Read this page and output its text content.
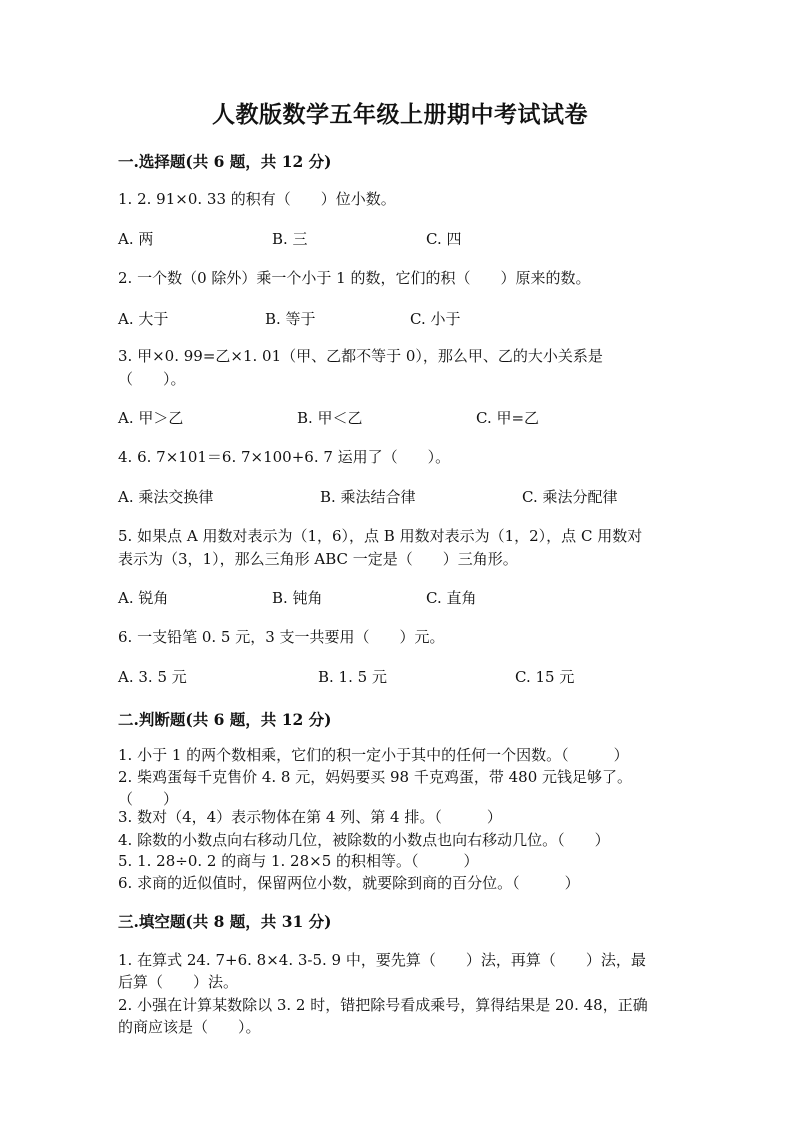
人教版数学五年级上册期中考试试卷
一.选择题(共 6 题，共 12 分)
1. 2. 91×0. 33 的积有（　　）位小数。
A. 两	B. 三	C. 四
2. 一个数（0 除外）乘一个小于 1 的数，它们的积（　　）原来的数。
A. 大于	B. 等于	C. 小于
3. 甲×0. 99=乙×1. 01（甲、乙都不等于 0），那么甲、乙的大小关系是
（　　）。
A. 甲＞乙	B. 甲＜乙	C. 甲=乙
4. 6. 7×101＝6. 7×100+6. 7 运用了（　　）。
A. 乘法交换律	B. 乘法结合律	C. 乘法分配律
5. 如果点 A 用数对表示为（1，6），点 B 用数对表示为（1，2），点 C 用数对
表示为（3，1），那么三角形 ABC 一定是（　　）三角形。
A. 锐角	B. 钝角	C. 直角
6. 一支铅笔 0. 5 元，3 支一共要用（　　）元。
A. 3. 5 元	B. 1. 5 元	C. 15 元
二.判断题(共 6 题，共 12 分)
1. 小于 1 的两个数相乘，它们的积一定小于其中的任何一个因数。（　　　）
2. 柴鸡蛋每千克售价 4. 8 元，妈妈要买 98 千克鸡蛋，带 480 元钱足够了。
（　　）
3. 数对（4，4）表示物体在第 4 列、第 4 排。（　　　）
4. 除数的小数点向右移动几位，被除数的小数点也向右移动几位。（　　）
5. 1. 28÷0. 2 的商与 1. 28×5 的积相等。（　　　）
6. 求商的近似值时，保留两位小数，就要除到商的百分位。（　　　）
三.填空题(共 8 题，共 31 分)
1. 在算式 24. 7+6. 8×4. 3-5. 9 中，要先算（　　）法，再算（　　）法，最
后算（　　）法。
2. 小强在计算某数除以 3. 2 时，错把除号看成乘号，算得结果是 20. 48，正确
的商应该是（　　）。
